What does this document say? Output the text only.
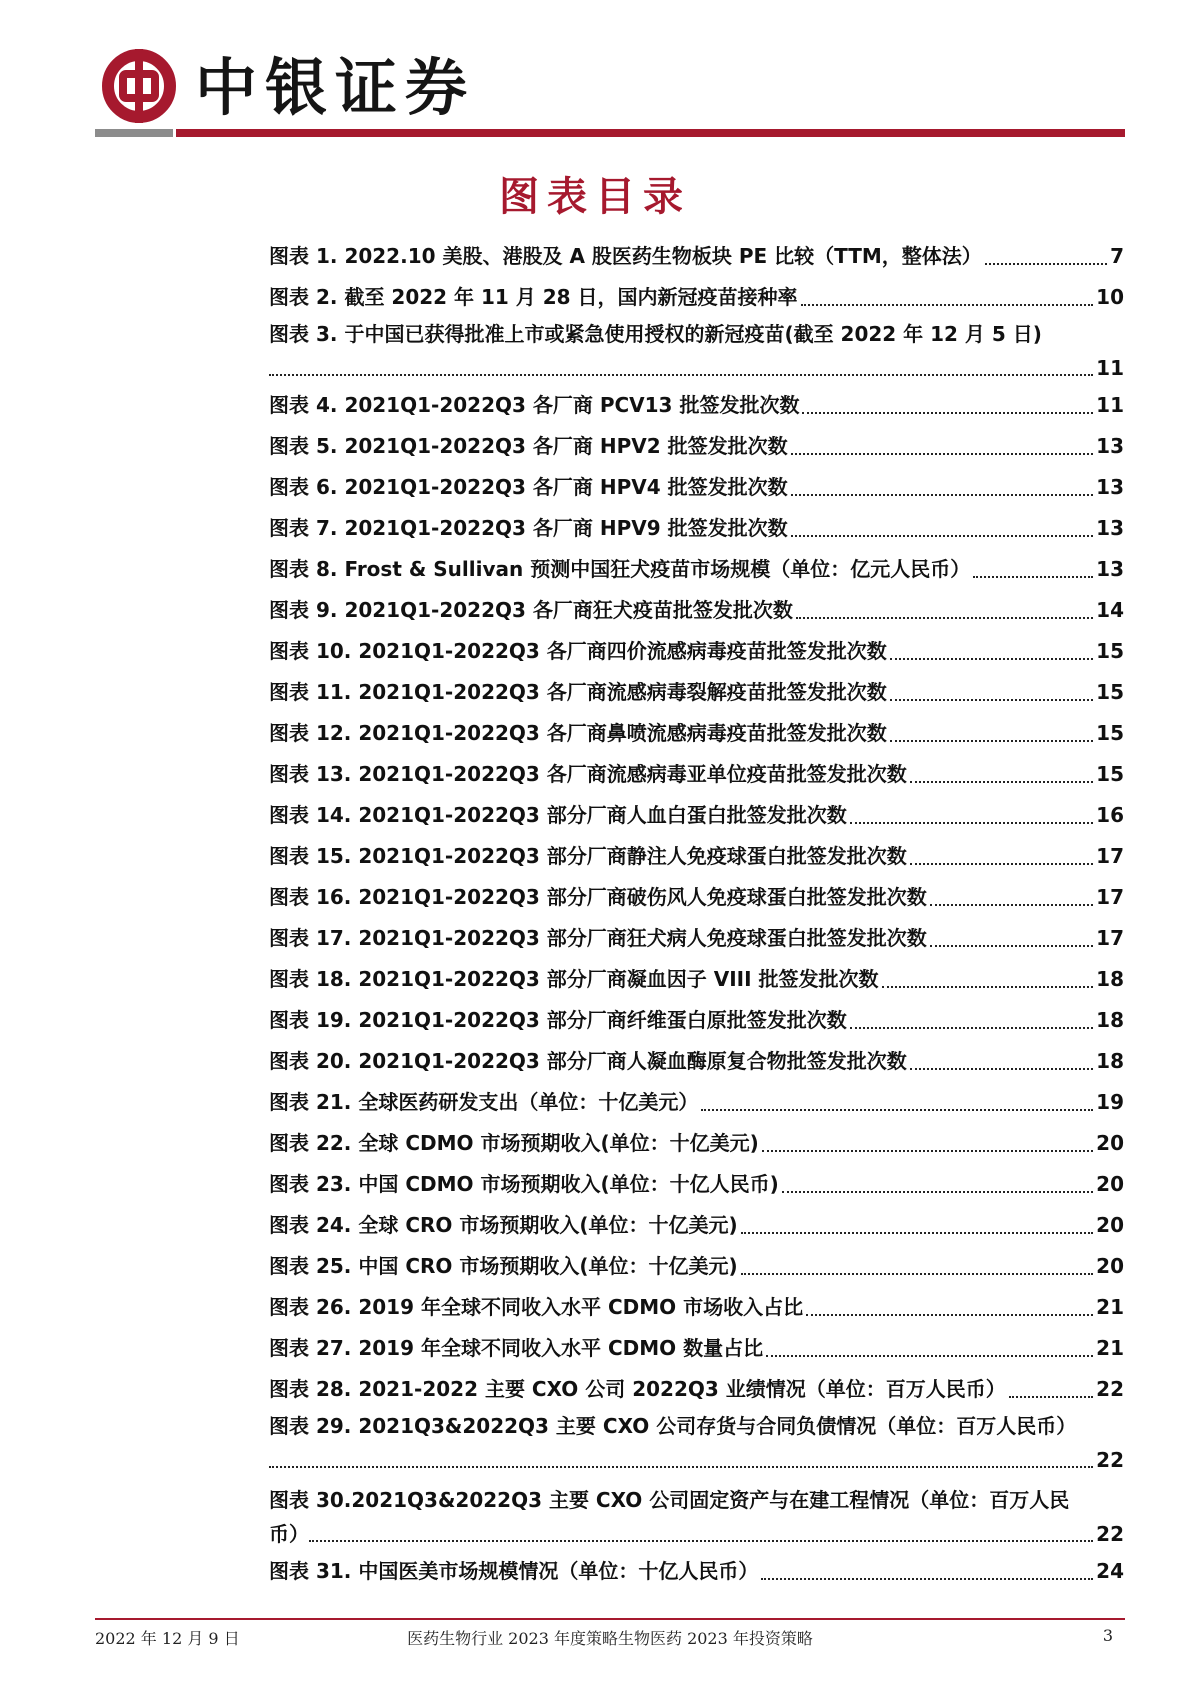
中银证券
图表目录
图表 1. 2022.10 美股、港股及 A 股医药生物板块 PE 比较（TTM，整体法）	7
图表 2. 截至 2022 年 11 月 28 日，国内新冠疫苗接种率	10
图表 3. 于中国已获得批准上市或紧急使用授权的新冠疫苗(截至 2022 年 12 月 5 日)
11
图表 4. 2021Q1-2022Q3 各厂商 PCV13 批签发批次数	11
图表 5. 2021Q1-2022Q3 各厂商 HPV2 批签发批次数	13
图表 6. 2021Q1-2022Q3 各厂商 HPV4 批签发批次数	13
图表 7. 2021Q1-2022Q3 各厂商 HPV9 批签发批次数	13
图表 8. Frost & Sullivan 预测中国狂犬疫苗市场规模（单位：亿元人民币）	13
图表 9. 2021Q1-2022Q3 各厂商狂犬疫苗批签发批次数	14
图表 10. 2021Q1-2022Q3 各厂商四价流感病毒疫苗批签发批次数	15
图表 11. 2021Q1-2022Q3 各厂商流感病毒裂解疫苗批签发批次数	15
图表 12. 2021Q1-2022Q3 各厂商鼻喷流感病毒疫苗批签发批次数	15
图表 13. 2021Q1-2022Q3 各厂商流感病毒亚单位疫苗批签发批次数	15
图表 14. 2021Q1-2022Q3 部分厂商人血白蛋白批签发批次数	16
图表 15. 2021Q1-2022Q3 部分厂商静注人免疫球蛋白批签发批次数	17
图表 16. 2021Q1-2022Q3 部分厂商破伤风人免疫球蛋白批签发批次数	17
图表 17. 2021Q1-2022Q3 部分厂商狂犬病人免疫球蛋白批签发批次数	17
图表 18. 2021Q1-2022Q3 部分厂商凝血因子 VIII 批签发批次数	18
图表 19. 2021Q1-2022Q3 部分厂商纤维蛋白原批签发批次数	18
图表 20. 2021Q1-2022Q3 部分厂商人凝血酶原复合物批签发批次数	18
图表 21. 全球医药研发支出（单位：十亿美元）	19
图表 22. 全球 CDMO 市场预期收入(单位：十亿美元)	20
图表 23. 中国 CDMO 市场预期收入(单位：十亿人民币)	20
图表 24. 全球 CRO 市场预期收入(单位：十亿美元)	20
图表 25. 中国 CRO 市场预期收入(单位：十亿美元)	20
图表 26. 2019 年全球不同收入水平 CDMO 市场收入占比	21
图表 27. 2019 年全球不同收入水平 CDMO 数量占比	21
图表 28. 2021-2022 主要 CXO 公司 2022Q3 业绩情况（单位：百万人民币）	22
图表 29. 2021Q3&2022Q3 主要 CXO 公司存货与合同负债情况（单位：百万人民币）
22
图表 30.2021Q3&2022Q3 主要 CXO 公司固定资产与在建工程情况（单位：百万人民
币）	22
图表 31. 中国医美市场规模情况（单位：十亿人民币）	24
2022 年 12 月 9 日	医药生物行业 2023 年度策略生物医药 2023 年投资策略	3
